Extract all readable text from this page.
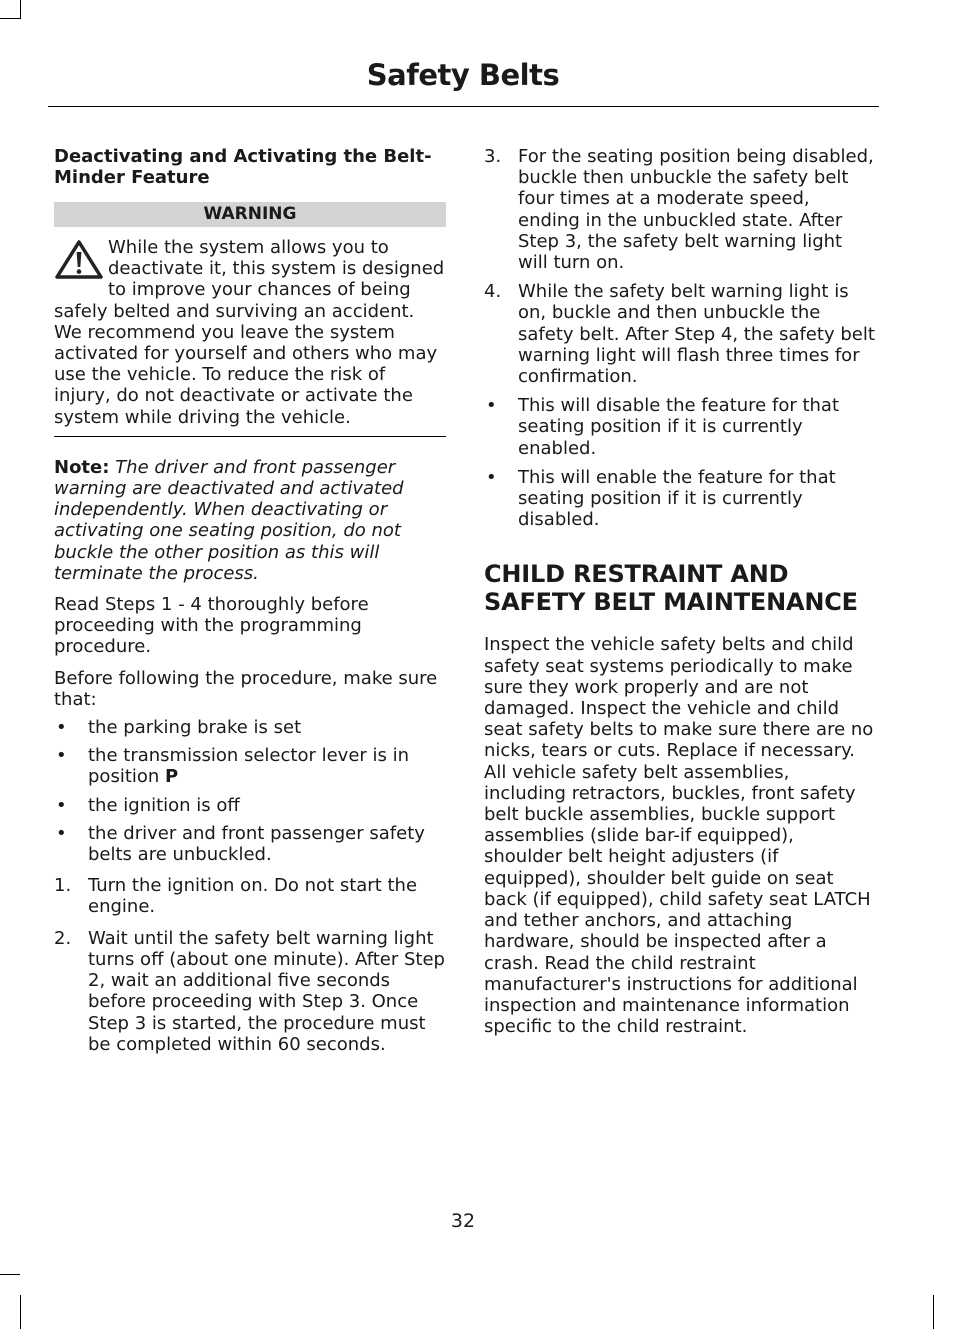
Safety Belts

Deactivating and Activating the Belt-Minder Feature

WARNING

While the system allows you to deactivate it, this system is designed to improve your chances of being safely belted and surviving an accident. We recommend you leave the system activated for yourself and others who may use the vehicle. To reduce the risk of injury, do not deactivate or activate the system while driving the vehicle.

Note: The driver and front passenger warning are deactivated and activated independently. When deactivating or activating one seating position, do not buckle the other position as this will terminate the process.

Read Steps 1 - 4 thoroughly before proceeding with the programming procedure.

Before following the procedure, make sure that:

• the parking brake is set
• the transmission selector lever is in position P
• the ignition is off
• the driver and front passenger safety belts are unbuckled.
1. Turn the ignition on. Do not start the engine.
2. Wait until the safety belt warning light turns off (about one minute). After Step 2, wait an additional five seconds before proceeding with Step 3. Once Step 3 is started, the procedure must be completed within 60 seconds.
3. For the seating position being disabled, buckle then unbuckle the safety belt four times at a moderate speed, ending in the unbuckled state. After Step 3, the safety belt warning light will turn on.
4. While the safety belt warning light is on, buckle and then unbuckle the safety belt. After Step 4, the safety belt warning light will flash three times for confirmation.
• This will disable the feature for that seating position if it is currently enabled.
• This will enable the feature for that seating position if it is currently disabled.

CHILD RESTRAINT AND SAFETY BELT MAINTENANCE

Inspect the vehicle safety belts and child safety seat systems periodically to make sure they work properly and are not damaged. Inspect the vehicle and child seat safety belts to make sure there are no nicks, tears or cuts. Replace if necessary. All vehicle safety belt assemblies, including retractors, buckles, front safety belt buckle assemblies, buckle support assemblies (slide bar-if equipped), shoulder belt height adjusters (if equipped), shoulder belt guide on seat back (if equipped), child safety seat LATCH and tether anchors, and attaching hardware, should be inspected after a crash. Read the child restraint manufacturer's instructions for additional inspection and maintenance information specific to the child restraint.

32
